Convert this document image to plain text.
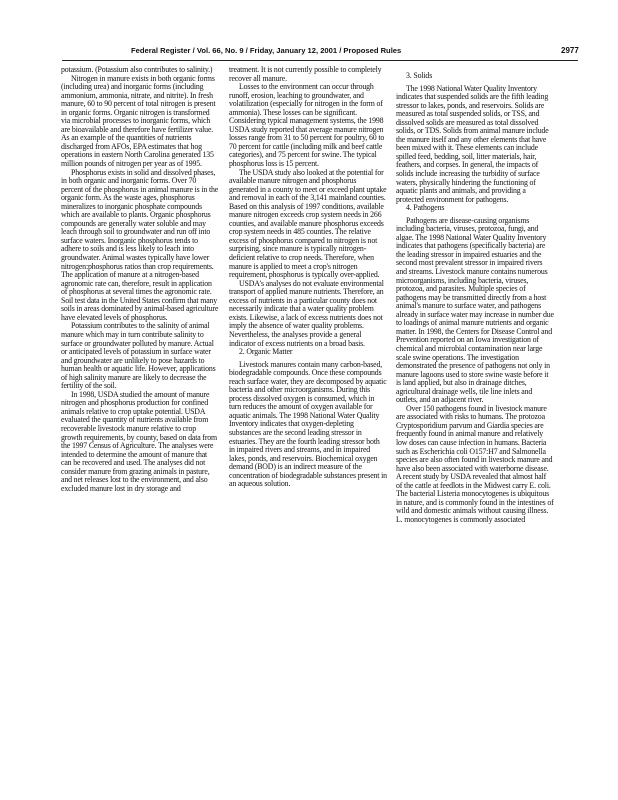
Federal Register / Vol. 66, No. 9 / Friday, January 12, 2001 / Proposed Rules	2977

potassium. (Potassium also contributes to salinity.)

Nitrogen in manure exists in both organic forms (including urea) and inorganic forms (including ammonium, ammonia, nitrate, and nitrite). In fresh manure, 60 to 90 percent of total nitrogen is present in organic forms. Organic nitrogen is transformed via microbial processes to inorganic forms, which are bioavailable and therefore have fertilizer value. As an example of the quantities of nutrients discharged from AFOs, EPA estimates that hog operations in eastern North Carolina generated 135 million pounds of nitrogen per year as of 1995.

Phosphorus exists in solid and dissolved phases, in both organic and inorganic forms. Over 70 percent of the phosphorus in animal manure is in the organic form. As the waste ages, phosphorus mineralizes to inorganic phosphate compounds which are available to plants. Organic phosphorus compounds are generally water soluble and may leach through soil to groundwater and run off into surface waters. Inorganic phosphorus tends to adhere to soils and is less likely to leach into groundwater. Animal wastes typically have lower nitrogen:phosphorus ratios than crop requirements. The application of manure at a nitrogen-based agronomic rate can, therefore, result in application of phosphorus at several times the agronomic rate. Soil test data in the United States confirm that many soils in areas dominated by animal-based agriculture have elevated levels of phosphorus.

Potassium contributes to the salinity of animal manure which may in turn contribute salinity to surface or groundwater polluted by manure. Actual or anticipated levels of potassium in surface water and groundwater are unlikely to pose hazards to human health or aquatic life. However, applications of high salinity manure are likely to decrease the fertility of the soil.

In 1998, USDA studied the amount of manure nitrogen and phosphorus production for confined animals relative to crop uptake potential. USDA evaluated the quantity of nutrients available from recoverable livestock manure relative to crop growth requirements, by county, based on data from the 1997 Census of Agriculture. The analyses were intended to determine the amount of manure that can be recovered and used. The analyses did not consider manure from grazing animals in pasture, and net releases lost to the environment, and also excluded manure lost in dry storage and

treatment. It is not currently possible to completely recover all manure.

Losses to the environment can occur through runoff, erosion, leaching to groundwater, and volatilization (especially for nitrogen in the form of ammonia). These losses can be significant. Considering typical management systems, the 1998 USDA study reported that average manure nitrogen losses range from 31 to 50 percent for poultry, 60 to 70 percent for cattle (including milk and beef cattle categories), and 75 percent for swine. The typical phosphorus loss is 15 percent.

The USDA study also looked at the potential for available manure nitrogen and phosphorus generated in a county to meet or exceed plant uptake and removal in each of the 3,141 mainland counties. Based on this analysis of 1997 conditions, available manure nitrogen exceeds crop system needs in 266 counties, and available manure phosphorus exceeds crop system needs in 485 counties. The relative excess of phosphorus compared to nitrogen is not surprising, since manure is typically nitrogen-deficient relative to crop needs. Therefore, when manure is applied to meet a crop's nitrogen requirement, phosphorus is typically over-applied.

USDA's analyses do not evaluate environmental transport of applied manure nutrients. Therefore, an excess of nutrients in a particular county does not necessarily indicate that a water quality problem exists. Likewise, a lack of excess nutrients does not imply the absence of water quality problems. Nevertheless, the analyses provide a general indicator of excess nutrients on a broad basis.

2. Organic Matter

Livestock manures contain many carbon-based, biodegradable compounds. Once these compounds reach surface water, they are decomposed by aquatic bacteria and other microorganisms. During this process dissolved oxygen is consumed, which in turn reduces the amount of oxygen available for aquatic animals. The 1998 National Water Quality Inventory indicates that oxygen-depleting substances are the second leading stressor in estuaries. They are the fourth leading stressor both in impaired rivers and streams, and in impaired lakes, ponds, and reservoirs. Biochemical oxygen demand (BOD) is an indirect measure of the concentration of biodegradable substances present in an aqueous solution.

3. Solids

The 1998 National Water Quality Inventory indicates that suspended solids are the fifth leading stressor to lakes, ponds, and reservoirs. Solids are measured as total suspended solids, or TSS, and dissolved solids are measured as total dissolved solids, or TDS. Solids from animal manure include the manure itself and any other elements that have been mixed with it. These elements can include spilled feed, bedding, soil, litter materials, hair, feathers, and corpses. In general, the impacts of solids include increasing the turbidity of surface waters, physically hindering the functioning of aquatic plants and animals, and providing a protected environment for pathogens.

4. Pathogens

Pathogens are disease-causing organisms including bacteria, viruses, protozoa, fungi, and algae. The 1998 National Water Quality Inventory indicates that pathogens (specifically bacteria) are the leading stressor in impaired estuaries and the second most prevalent stressor in impaired rivers and streams. Livestock manure contains numerous microorganisms, including bacteria, viruses, protozoa, and parasites. Multiple species of pathogens may be transmitted directly from a host animal's manure to surface water, and pathogens already in surface water may increase in number due to loadings of animal manure nutrients and organic matter. In 1998, the Centers for Disease Control and Prevention reported on an Iowa investigation of chemical and microbial contamination near large scale swine operations. The investigation demonstrated the presence of pathogens not only in manure lagoons used to store swine waste before it is land applied, but also in drainage ditches, agricultural drainage wells, tile line inlets and outlets, and an adjacent river.

Over 150 pathogens found in livestock manure are associated with risks to humans. The protozoa Cryptosporidium parvum and Giardia species are frequently found in animal manure and relatively low doses can cause infection in humans. Bacteria such as Escherichia coli O157:H7 and Salmonella species are also often found in livestock manure and have also been associated with waterborne disease. A recent study by USDA revealed that almost half of the cattle at feedlots in the Midwest carry E. coli. The bacterial Listeria monocytogenes is ubiquitous in nature, and is commonly found in the intestines of wild and domestic animals without causing illness. L. monocytogenes is commonly associated
